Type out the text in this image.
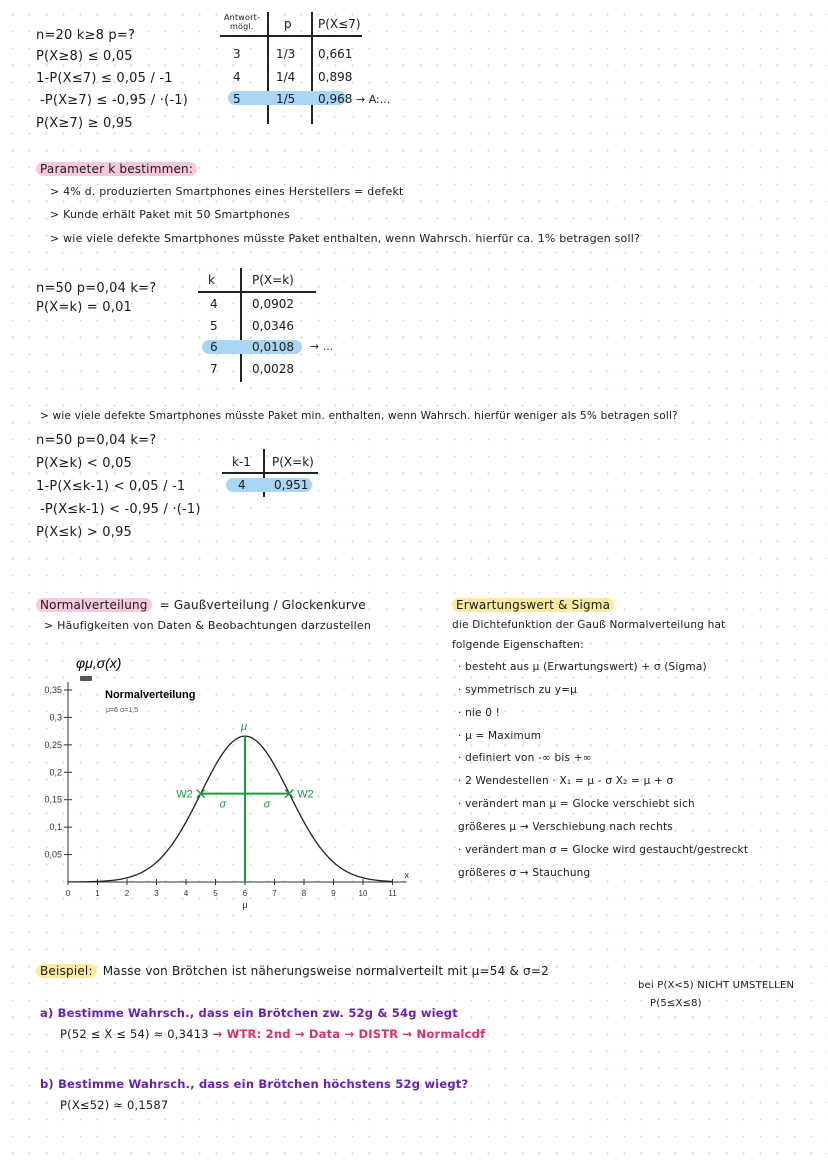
n=20 k≥8 p=?
P(X≥8) ≤ 0,05
1-P(X≤7) ≤ 0,05 / -1
-P(X≥7) ≤ -0,95 / ·(-1)
P(X≥7) ≥ 0,95
Antwort-
mögl.	p P(X≤7)
3	1/3 0,661
4	1/4 0,898
5	1/5 0,968 → A:...
Parameter k bestimmen:
> 4% d. produzierten Smartphones eines Herstellers = defekt
> Kunde erhält Paket mit 50 Smartphones
> wie viele defekte Smartphones müsste Paket enthalten, wenn Wahrsch. hierfür ca. 1% betragen soll?
n=50 p=0,04 k=?
P(X=k) = 0,01
k	P(X=k)
4	0,0902
5	0,0346
6	0,0108
7	0,0028
→ ...
> wie viele defekte Smartphones müsste Paket min. enthalten, wenn Wahrsch. hierfür weniger als 5% betragen soll?
n=50 p=0,04 k=?
P(X≥k) < 0,05
1-P(X≤k-1) < 0,05 / -1
-P(X≤k-1) < -0,95 / ·(-1)
P(X≤k) > 0,95
k-1 P(X=k)
4 0,951
Normalverteilung = Gaußverteilung / Glockenkurve
> Häufigkeiten von Daten & Beobachtungen darzustellen
φμ,σ(x)
Normalverteilung
μ=6 σ=1,5
0,05
0,1
0,15
0,2
0,25
0,3
0,35
0	1	2	3	4	5	6	7	8	9	10	11
x
μ
μ
σ	σ
W2	W2
Erwartungswert & Sigma
die Dichtefunktion der Gauß Normalverteilung hat
folgende Eigenschaften:
· besteht aus μ (Erwartungswert) + σ (Sigma)
· symmetrisch zu y=μ
· nie 0 !
· μ = Maximum
· definiert von -∞ bis +∞
· 2 Wendestellen · X₁ = μ - σ X₂ = μ + σ
· verändert man μ = Glocke verschiebt sich
größeres μ → Verschiebung nach rechts
· verändert man σ = Glocke wird gestaucht/gestreckt
größeres σ → Stauchung
Beispiel: Masse von Brötchen ist näherungsweise normalverteilt mit μ=54 & σ=2
bei P(X<5) NICHT UMSTELLEN
P(5≤X≤8)
a) Bestimme Wahrsch., dass ein Brötchen zw. 52g & 54g wiegt
P(52 ≤ X ≤ 54) ≈ 0,3413 → WTR: 2nd → Data → DISTR → Normalcdf
b) Bestimme Wahrsch., dass ein Brötchen höchstens 52g wiegt?
P(X≤52) ≈ 0,1587
